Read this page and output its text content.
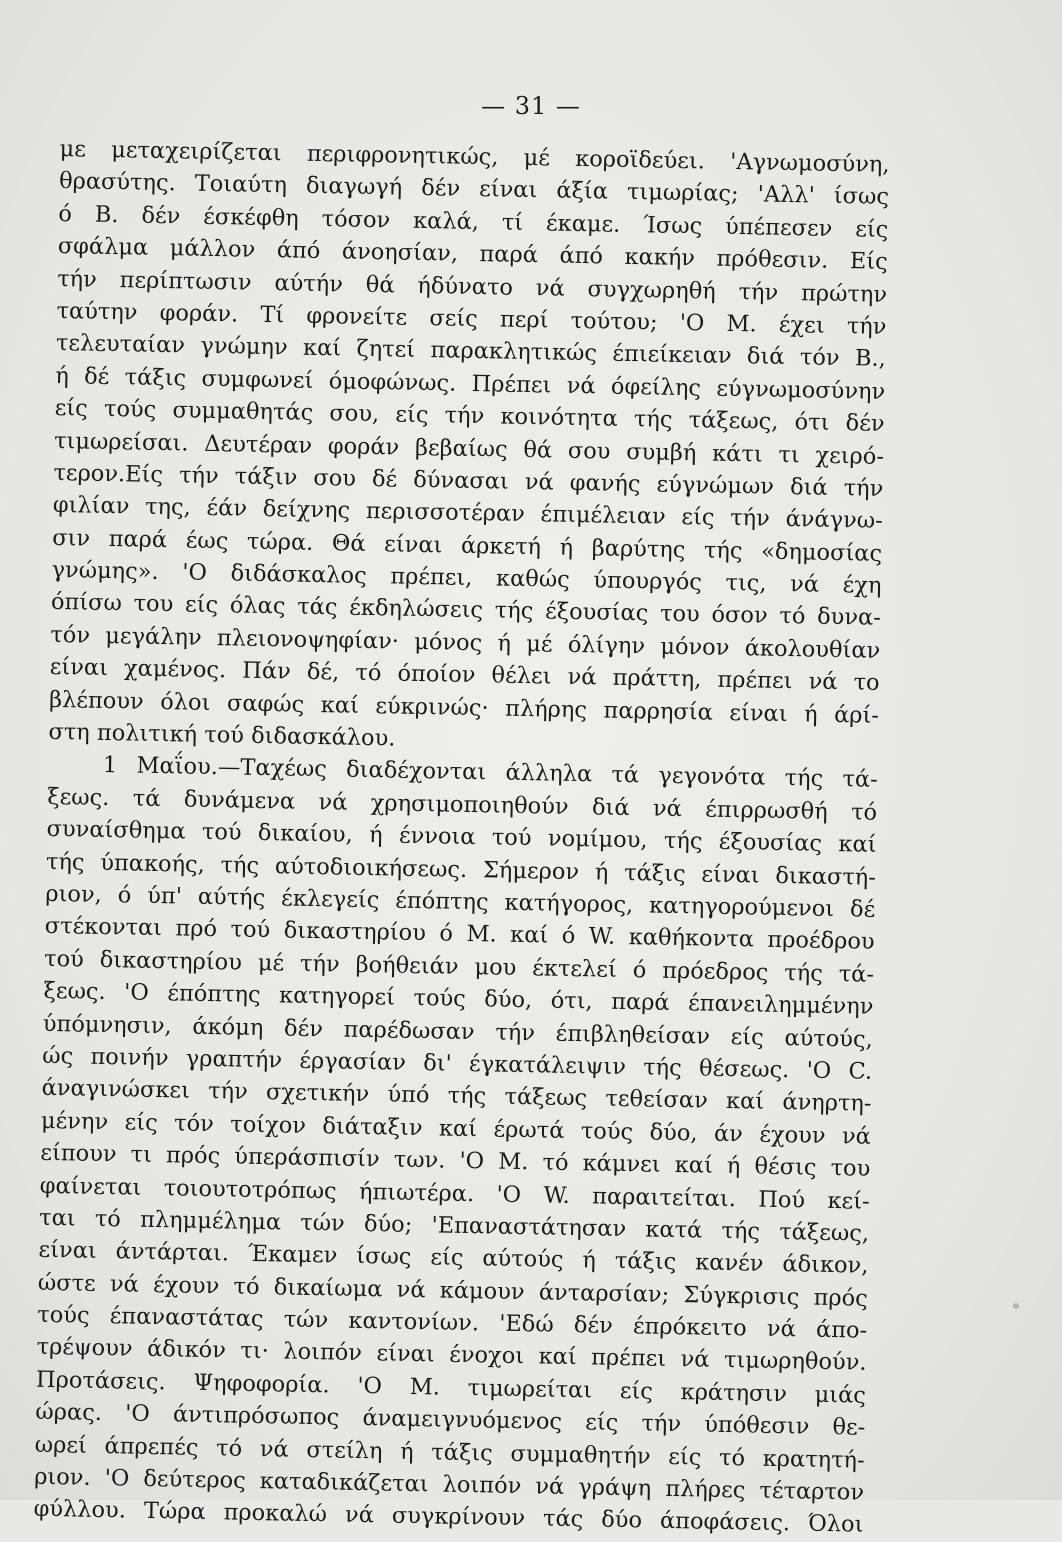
— 31 —
με μεταχειρίζεται περιφρονητικώς, μέ κοροϊδεύει. 'Αγνωμοσύνη,
θρασύτης. Τοιαύτη διαγωγή δέν είναι άξία τιμωρίας; 'Αλλ' ίσως
ό Β. δέν έσκέφθη τόσον καλά, τί έκαμε. Ίσως ύπέπεσεν είς
σφάλμα μάλλον άπό άνοησίαν, παρά άπό κακήν πρόθεσιν. Είς
τήν περίπτωσιν αύτήν θά ήδύνατο νά συγχωρηθή τήν πρώτην
ταύτην φοράν. Τί φρονείτε σείς περί τούτου; 'Ο Μ. έχει τήν
τελευταίαν γνώμην καί ζητεί παρακλητικώς έπιείκειαν διά τόν Β.,
ή δέ τάξις συμφωνεί όμοφώνως. Πρέπει νά όφείλης εύγνωμοσύνην
είς τούς συμμαθητάς σου, είς τήν κοινότητα τής τάξεως, ότι δέν
τιμωρείσαι. Δευτέραν φοράν βεβαίως θά σου συμβή κάτι τι χειρό-
τερον.Είς τήν τάξιν σου δέ δύνασαι νά φανής εύγνώμων διά τήν
φιλίαν της, έάν δείχνης περισσοτέραν έπιμέλειαν είς τήν άνάγνω-
σιν παρά έως τώρα. Θά είναι άρκετή ή βαρύτης τής «δημοσίας
γνώμης». 'Ο διδάσκαλος πρέπει, καθώς ύπουργός τις, νά έχη
όπίσω του είς όλας τάς έκδηλώσεις τής έξουσίας του όσον τό δυνα-
τόν μεγάλην πλειονοψηφίαν· μόνος ή μέ όλίγην μόνον άκολουθίαν
είναι χαμένος. Πάν δέ, τό όποίον θέλει νά πράττη, πρέπει νά το
βλέπουν όλοι σαφώς καί εύκρινώς· πλήρης παρρησία είναι ή άρί-
στη πολιτική τού διδασκάλου.
1 Μαΐου.—Ταχέως διαδέχονται άλληλα τά γεγονότα τής τά-
ξεως. τά δυνάμενα νά χρησιμοποιηθούν διά νά έπιρρωσθή τό
συναίσθημα τού δικαίου, ή έννοια τού νομίμου, τής έξουσίας καί
τής ύπακοής, τής αύτοδιοικήσεως. Σήμερον ή τάξις είναι δικαστή-
ριον, ό ύπ' αύτής έκλεγείς έπόπτης κατήγορος, κατηγορούμενοι δέ
στέκονται πρό τού δικαστηρίου ό Μ. καί ό W. καθήκοντα προέδρου
τού δικαστηρίου μέ τήν βοήθειάν μου έκτελεί ό πρόεδρος τής τά-
ξεως. 'Ο έπόπτης κατηγορεί τούς δύο, ότι, παρά έπανειλημμένην
ύπόμνησιν, άκόμη δέν παρέδωσαν τήν έπιβληθείσαν είς αύτούς,
ώς ποινήν γραπτήν έργασίαν δι' έγκατάλειψιν τής θέσεως. 'Ο C.
άναγινώσκει τήν σχετικήν ύπό τής τάξεως τεθείσαν καί άνηρτη-
μένην είς τόν τοίχον διάταξιν καί έρωτά τούς δύο, άν έχουν νά
είπουν τι πρός ύπεράσπισίν των. 'Ο Μ. τό κάμνει καί ή θέσις του
φαίνεται τοιουτοτρόπως ήπιωτέρα. 'Ο W. παραιτείται. Πού κεί-
ται τό πλημμέλημα τών δύο; 'Επαναστάτησαν κατά τής τάξεως,
είναι άντάρται. Έκαμεν ίσως είς αύτούς ή τάξις κανέν άδικον,
ώστε νά έχουν τό δικαίωμα νά κάμουν άνταρσίαν; Σύγκρισις πρός
τούς έπαναστάτας τών καντονίων. 'Εδώ δέν έπρόκειτο νά άπο-
τρέψουν άδικόν τι· λοιπόν είναι ένοχοι καί πρέπει νά τιμωρηθούν.
Προτάσεις. Ψηφοφορία. 'Ο Μ. τιμωρείται είς κράτησιν μιάς
ώρας. 'Ο άντιπρόσωπος άναμειγνυόμενος είς τήν ύπόθεσιν θε-
ωρεί άπρεπές τό νά στείλη ή τάξις συμμαθητήν είς τό κρατητή-
ριον. 'Ο δεύτερος καταδικάζεται λοιπόν νά γράψη πλήρες τέταρτον
φύλλου. Τώρα προκαλώ νά συγκρίνουν τάς δύο άποφάσεις. Όλοι
